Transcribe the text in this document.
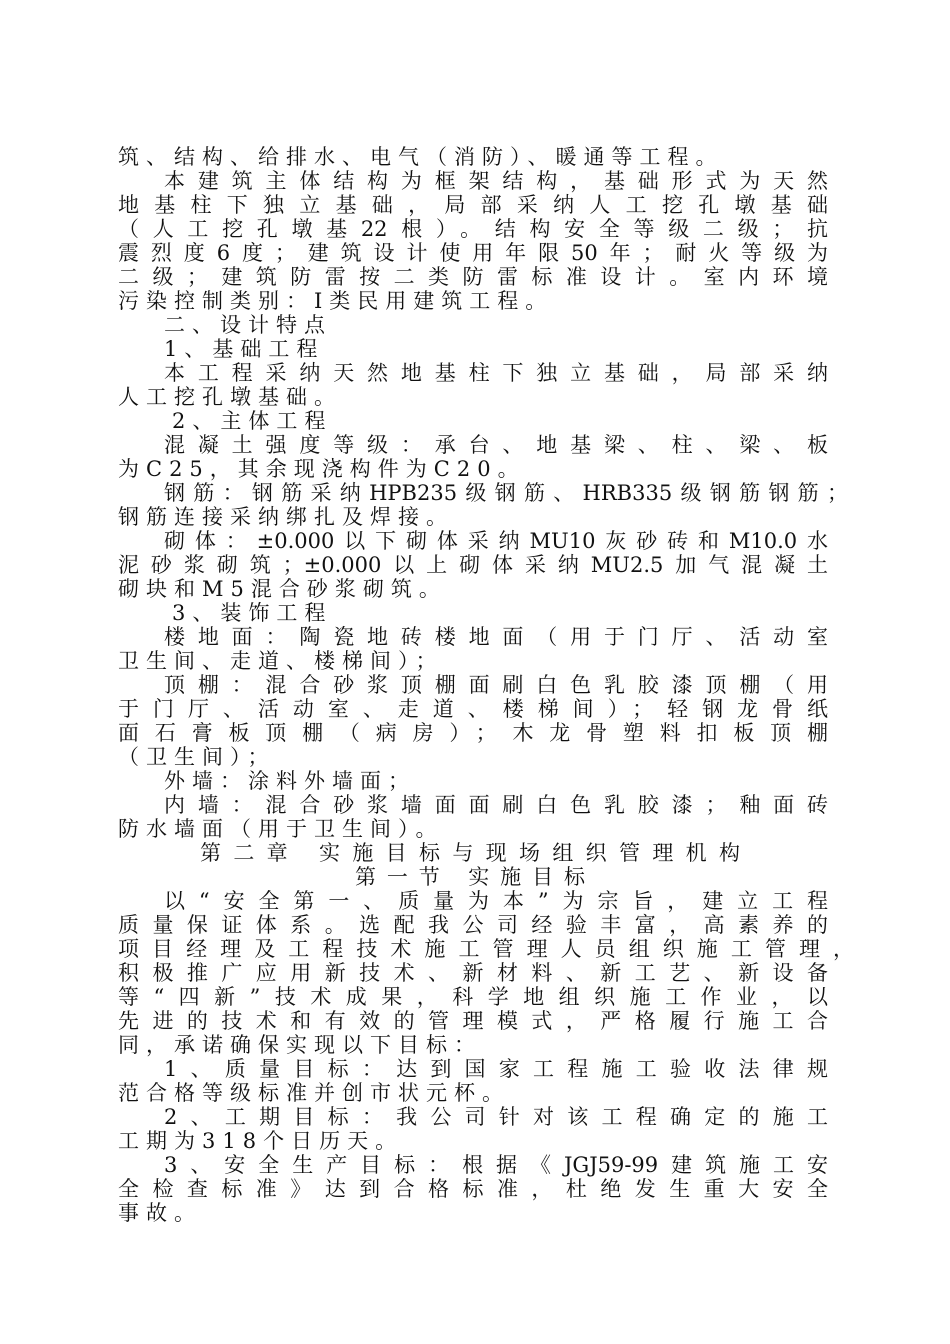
筑、结构、给排水、电气（消防）、暖通等工程。
本建筑主体结构为框架结构，基础形式为天然
地基柱下独立基础，局部采纳人工挖孔墩基础
（人工挖孔墩基22根）。结构安全等级二级；抗
震烈度6度；建筑设计使用年限50年；耐火等级为
二级；建筑防雷按二类防雷标准设计。室内环境
污染控制类别：I类民用建筑工程。
二、设计特点
1、基础工程
本工程采纳天然地基柱下独立基础，局部采纳
人工挖孔墩基础。
2、主体工程
混凝土强度等级：承台、地基梁、柱、梁、板
为C25，其余现浇构件为C20。
钢筋：钢筋采纳HPB235级钢筋、HRB335级钢筋钢筋；
钢筋连接采纳绑扎及焊接。
砌体：±0.000以下砌体采纳MU10灰砂砖和M10.0水
泥砂浆砌筑；±0.000以上砌体采纳MU2.5加气混凝土
砌块和M5混合砂浆砌筑。
3、装饰工程
楼地面：陶瓷地砖楼地面（用于门厅、活动室
卫生间、走道、楼梯间）；
顶棚：混合砂浆顶棚面刷白色乳胶漆顶棚（用
于门厅、活动室、走道、楼梯间）；轻钢龙骨纸
面石膏板顶棚（病房）；木龙骨塑料扣板顶棚
（卫生间）；
外墙：涂料外墙面；
内墙：混合砂浆墙面面刷白色乳胶漆；釉面砖
防水墙面（用于卫生间）。
第二章 实施目标与现场组织管理机构
第一节 实施目标
以“安全第一、质量为本”为宗旨，建立工程
质量保证体系。选配我公司经验丰富，高素养的
项目经理及工程技术施工管理人员组织施工管理，
积极推广应用新技术、新材料、新工艺、新设备
等“四新”技术成果，科学地组织施工作业，以
先进的技术和有效的管理模式，严格履行施工合
同，承诺确保实现以下目标：
1、质量目标：达到国家工程施工验收法律规
范合格等级标准并创市状元杯。
2、工期目标：我公司针对该工程确定的施工
工期为318个日历天。
3、安全生产目标：根据《JGJ59-99建筑施工安
全检查标准》达到合格标准，杜绝发生重大安全
事故。
